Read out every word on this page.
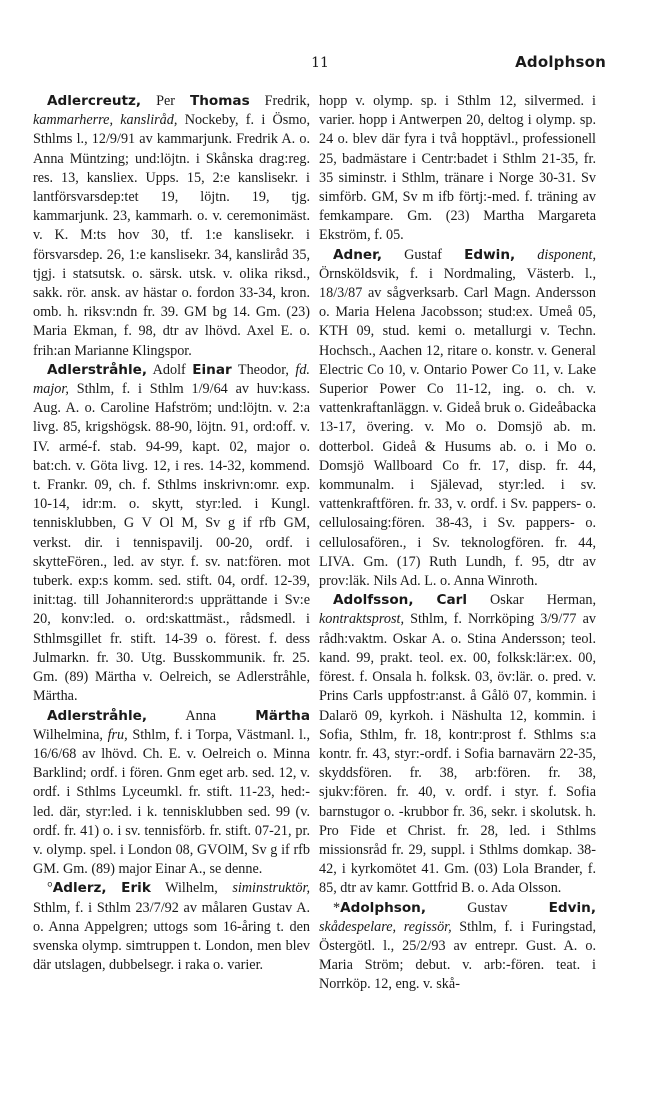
11	Adolphson

Adlercreutz, Per Thomas Fredrik, kammarherre, kansliråd, Nockeby, f. i Ösmo, Sthlms l., 12/9/91 av kammarjunk. Fredrik A. o. Anna Müntzing; und:löjtn. i Skånska drag:reg. res. 13, kansliex. Upps. 15, 2:e kanslisekr. i lantförsvarsdep:tet 19, löjtn. 19, tjg. kammarjunk. 23, kammarh. o. v. ceremonimäst. v. K. M:ts hov 30, tf. 1:e kanslisekr. i försvarsdep. 26, 1:e kanslisekr. 34, kansliråd 35, tjgj. i statsutsk. o. särsk. utsk. v. olika riksd., sakk. rör. ansk. av hästar o. fordon 33-34, kron. omb. h. riksv:ndn fr. 39. GM bg 14. Gm. (23) Maria Ekman, f. 98, dtr av lhövd. Axel E. o. frih:an Marianne Klingspor.

Adlerstråhle, Adolf Einar Theodor, fd. major, Sthlm, f. i Sthlm 1/9/64 av huv:kass. Aug. A. o. Caroline Hafström; und:löjtn. v. 2:a livg. 85, krigshögsk. 88-90, löjtn. 91, ord:off. v. IV. armé-f. stab. 94-99, kapt. 02, major o. bat:ch. v. Göta livg. 12, i res. 14-32, kommend. t. Frankr. 09, ch. f. Sthlms inskrivn:omr. exp. 10-14, idr:m. o. skytt, styr:led. i Kungl. tennisklubben, G V Ol M, Sv g if rfb GM, verkst. dir. i tennispavilj. 00-20, ordf. i skytteFören., led. av styr. f. sv. nat:fören. mot tuberk. exp:s komm. sed. stift. 04, ordf. 12-39, init:tag. till Johanniterord:s upprättande i Sv:e 20, konv:led. o. ord:skattmäst., rådsmedl. i Sthlmsgillet fr. stift. 14-39 o. förest. f. dess Julmarkn. fr. 30. Utg. Busskommunik. fr. 25. Gm. (89) Märtha v. Oelreich, se Adlerstråhle, Märtha.

Adlerstråhle, Anna Märtha Wilhelmina, fru, Sthlm, f. i Torpa, Västmanl. l., 16/6/68 av lhövd. Ch. E. v. Oelreich o. Minna Barklind; ordf. i fören. Gnm eget arb. sed. 12, v. ordf. i Sthlms Lyceumkl. fr. stift. 11-23, hed:-led. där, styr:led. i k. tennisklubben sed. 99 (v. ordf. fr. 41) o. i sv. tennisförb. fr. stift. 07-21, pr. v. olymp. spel. i London 08, GVOlM, Sv g if rfb GM. Gm. (89) major Einar A., se denne.

°Adlerz, Erik Wilhelm, siminstruktör, Sthlm, f. i Sthlm 23/7/92 av målaren Gustav A. o. Anna Appelgren; uttogs som 16-åring t. den svenska olymp. simtruppen t. London, men blev där utslagen, dubbelsegr. i raka o. varier.

hopp v. olymp. sp. i Sthlm 12, silvermed. i varier. hopp i Antwerpen 20, deltog i olymp. sp. 24 o. blev där fyra i två hopptävl., professionell 25, badmästare i Centr:badet i Sthlm 21-35, fr. 35 siminstr. i Sthlm, tränare i Norge 30-31. Sv simförb. GM, Sv m ifb förtj:-med. f. träning av femkampare. Gm. (23) Martha Margareta Ekström, f. 05.

Adner, Gustaf Edwin, disponent, Örnsköldsvik, f. i Nordmaling, Västerb. l., 18/3/87 av sågverksarb. Carl Magn. Andersson o. Maria Helena Jacobsson; stud:ex. Umeå 05, KTH 09, stud. kemi o. metallurgi v. Techn. Hochsch., Aachen 12, ritare o. konstr. v. General Electric Co 10, v. Ontario Power Co 11, v. Lake Superior Power Co 11-12, ing. o. ch. v. vattenkraftanläggn. v. Gideå bruk o. Gideåbacka 13-17, övering. v. Mo o. Domsjö ab. m. dotterbol. Gideå & Husums ab. o. i Mo o. Domsjö Wallboard Co fr. 17, disp. fr. 44, kommunalm. i Själevad, styr:led. i sv. vattenkraftfören. fr. 33, v. ordf. i Sv. pappers- o. cellulosaing:fören. 38-43, i Sv. pappers- o. cellulosafören., i Sv. teknologfören. fr. 44, LIVA. Gm. (17) Ruth Lundh, f. 95, dtr av prov:läk. Nils Ad. L. o. Anna Winroth.

Adolfsson, Carl Oskar Herman, kontraktsprost, Sthlm, f. Norrköping 3/9/77 av rådh:vaktm. Oskar A. o. Stina Andersson; teol. kand. 99, prakt. teol. ex. 00, folksk:lär:ex. 00, förest. f. Onsala h. folksk. 03, öv:lär. o. pred. v. Prins Carls uppfostr:anst. å Gålö 07, kommin. i Dalarö 09, kyrkoh. i Näshulta 12, kommin. i Sofia, Sthlm, fr. 18, kontr:prost f. Sthlms s:a kontr. fr. 43, styr:-ordf. i Sofia barnavärn 22-35, skyddsfören. fr. 38, arb:fören. fr. 38, sjukv:fören. fr. 40, v. ordf. i styr. f. Sofia barnstugor o. -krubbor fr. 36, sekr. i skolutsk. h. Pro Fide et Christ. fr. 28, led. i Sthlms missionsråd fr. 29, suppl. i Sthlms domkap. 38-42, i kyrkomötet 41. Gm. (03) Lola Brander, f. 85, dtr av kamr. Gottfrid B. o. Ada Olsson.

*Adolphson, Gustav Edvin, skådespelare, regissör, Sthlm, f. i Furingstad, Östergötl. l., 25/2/93 av entrepr. Gust. A. o. Maria Ström; debut. v. arb:-fören. teat. i Norrköp. 12, eng. v. skå-
